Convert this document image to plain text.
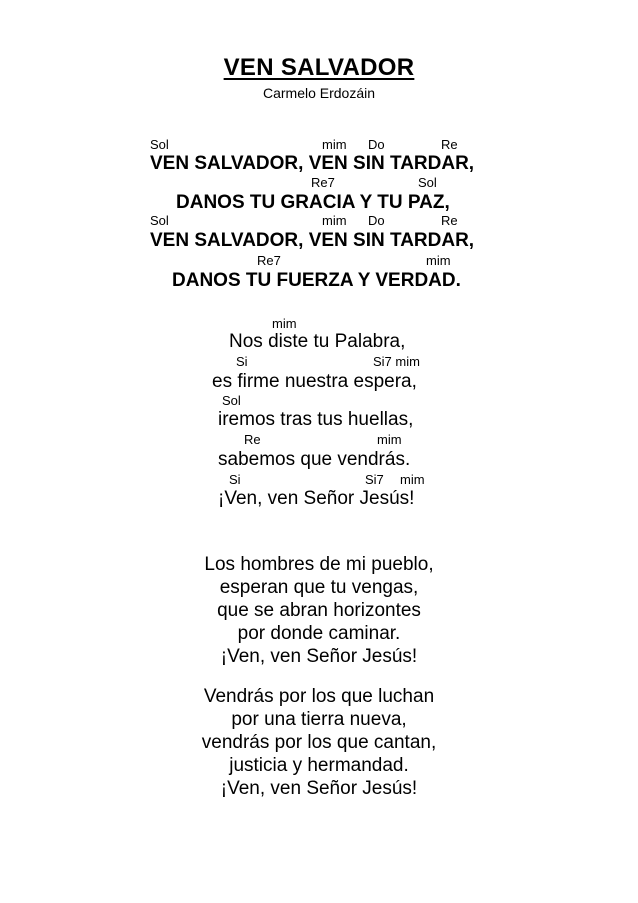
VEN SALVADOR
Carmelo Erdozáin
Sol	mim Do	Re
VEN SALVADOR, VEN SIN TARDAR,
Re7	Sol
DANOS TU GRACIA Y TU PAZ,
Sol	mim Do	Re
VEN SALVADOR, VEN SIN TARDAR,
Re7	mim
DANOS TU FUERZA Y VERDAD.
mim
Nos diste tu Palabra,
Si	Si7 mim
es firme nuestra espera,
Sol
iremos tras tus huellas,
Re	mim
sabemos que vendrás.
Si	Si7 mim
¡Ven, ven Señor Jesús!
Los hombres de mi pueblo,
esperan que tu vengas,
que se abran horizontes
por donde caminar.
¡Ven, ven Señor Jesús!
Vendrás por los que luchan
por una tierra nueva,
vendrás por los que cantan,
justicia y hermandad.
¡Ven, ven Señor Jesús!
